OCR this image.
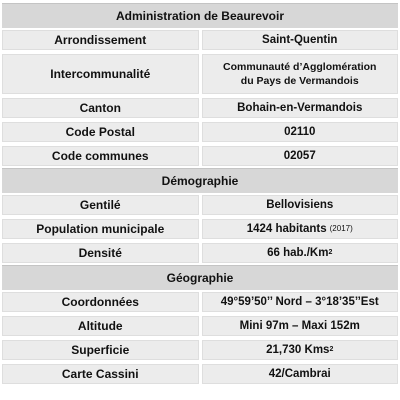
Administration de Beaurevoir
Arrondissement	Saint-Quentin
Intercommunalité	Communauté d’Agglomération
du Pays de Vermandois
Canton	Bohain-en-Vermandois
Code Postal	02110
Code communes	02057
Démographie
Gentilé	Bellovisiens
Population municipale	1424 habitants (2017)
Densité	66 hab./Km 2
Géographie
Coordonnées	49°59’50’’ Nord – 3°18’35’’Est
Altitude	Mini 97m – Maxi 152m
Superficie	21,730 Kms 2
Carte Cassini	42/Cambrai
